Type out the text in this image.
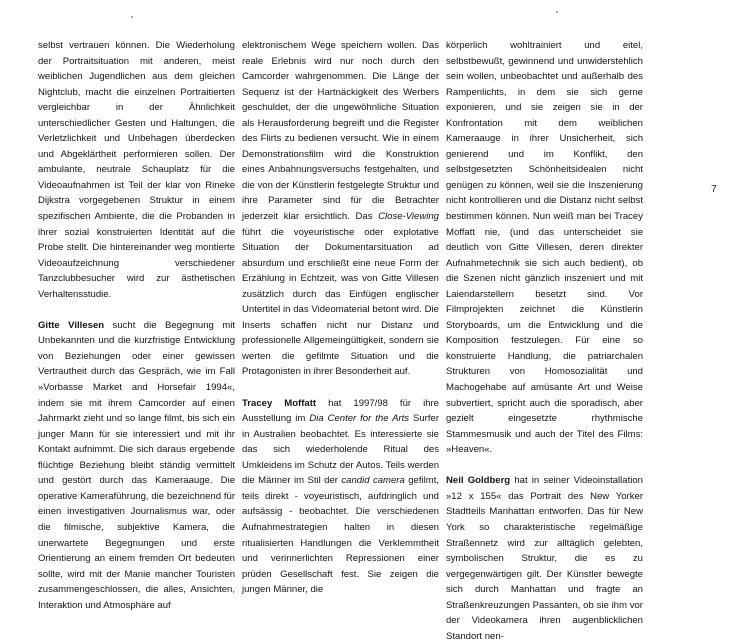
selbst vertrauen können. Die Wiederholung der Portraitsituation mit anderen, meist weiblichen Jugendlichen aus dem gleichen Nightclub, macht die einzelnen Portraitierten vergleichbar in der Ähnlichkeit unterschiedlicher Gesten und Haltungen, die Verletzlichkeit und Unbehagen überdecken und Abgeklärtheit performieren sollen. Der ambulante, neutrale Schauplatz für die Videoaufnahmen ist Teil der klar von Rineke Dijkstra vorgegebenen Struktur in einem spezifischen Ambiente, die die Probanden in ihrer sozial konstruierten Identität auf die Probe stellt. Die hintereinander weg montierte Videoaufzeichnung verschiedener Tanzclubbesucher wird zur ästhetischen Verhaltensstudie.

Gitte Villesen sucht die Begegnung mit Unbekannten und die kurzfristige Entwicklung von Beziehungen oder einer gewissen Vertrautheit durch das Gespräch, wie im Fall »Vorbasse Market and Horsefair 1994«, indem sie mit ihrem Camcorder auf einen Jahrmarkt zieht und so lange filmt, bis sich ein junger Mann für sie interessiert und mit ihr Kontakt aufnimmt. Die sich daraus ergebende flüchtige Beziehung bleibt ständig vermittelt und gestört durch das Kameraauge. Die operative Kameraführung, die bezeichnend für einen investigativen Journalismus war, oder die filmische, subjektive Kamera, die unerwartete Begegnungen und erste Orientierung an einem fremden Ort bedeuten sollte, wird mit der Manie mancher Touristen zusammengeschlossen, die alles, Ansichten, Interaktion und Atmosphäre auf

elektronischem Wege speichern wollen. Das reale Erlebnis wird nur noch durch den Camcorder wahrgenommen. Die Länge der Sequenz ist der Hartnäckigkeit des Werbers geschuldet, der die ungewöhnliche Situation als Herausforderung begreift und die Register des Flirts zu bedienen versucht. Wie in einem Demonstrationsfilm wird die Konstruktion eines Anbahnungsversuchs festgehalten, und die von der Künstlerin festgelegte Struktur und ihre Parameter sind für die Betrachter jederzeit klar ersichtlich. Das Close-Viewing führt die voyeuristische oder explotative Situation der Dokumentarsituation ad absurdum und erschließt eine neue Form der Erzählung in Echtzeit, was von Gitte Villesen zusätzlich durch das Einfügen englischer Untertitel in das Videomaterial betont wird. Die Inserts schaffen nicht nur Distanz und professionelle Allgemeingültigkeit, sondern sie werten die gefilmte Situation und die Protagonisten in ihrer Besonderheit auf.

Tracey Moffatt hat 1997/98 für ihre Ausstellung im Dia Center for the Arts Surfer in Australien beobachtet. Es interessierte sie das sich wiederholende Ritual des Umkleidens im Schutz der Autos. Teils werden die Männer im Stil der candid camera gefilmt, teils direkt - voyeuristisch, aufdringlich und aufsässig - beobachtet. Die verschiedenen Aufnahmestrategien halten in diesen ritualisierten Handlungen die Verklemmtheit und verinnerlichten Repressionen einer prüden Gesellschaft fest. Sie zeigen die jungen Männer, die

körperlich wohltrainiert und eitel, selbstbewußt, gewinnend und unwiderstehlich sein wollen, unbeobachtet und außerhalb des Rampenlichts, in dem sie sich gerne exponieren, und sie zeigen sie in der Konfrontation mit dem weiblichen Kameraauge in ihrer Unsicherheit, sich genierend und im Konflikt, den selbstgesetzten Schönheitsidealen nicht genügen zu können, weil sie die Inszenierung nicht kontrollieren und die Distanz nicht selbst bestimmen können. Nun weiß man bei Tracey Moffatt nie, (und das unterscheidet sie deutlich von Gitte Villesen, deren direkter Aufnahmetechnik sie sich auch bedient), ob die Szenen nicht gänzlich inszeniert und mit Laiendarstellern besetzt sind. Vor Filmprojekten zeichnet die Künstlerin Storyboards, um die Entwicklung und die Komposition festzulegen. Für eine so konstruierte Handlung, die patriarchalen Strukturen von Homosozialität und Machogehabe auf amüsante Art und Weise subvertiert, spricht auch die sporadisch, aber gezielt eingesetzte rhythmische Stammesmusik und auch der Titel des Films: »Heaven«.

Neil Goldberg hat in seiner Videoinstallation »12 x 155« das Portrait des New Yorker Stadtteils Manhattan entworfen. Das für New York so charakteristische regelmäßige Straßennetz wird zur alltäglich gelebten, symbolischen Struktur, die es zu vergegenwärtigen gilt. Der Künstler bewegte sich durch Manhattan und fragte an Straßenkreuzungen Passanten, ob sie ihm vor der Videokamera ihren augenblicklichen Standort nen-

7
